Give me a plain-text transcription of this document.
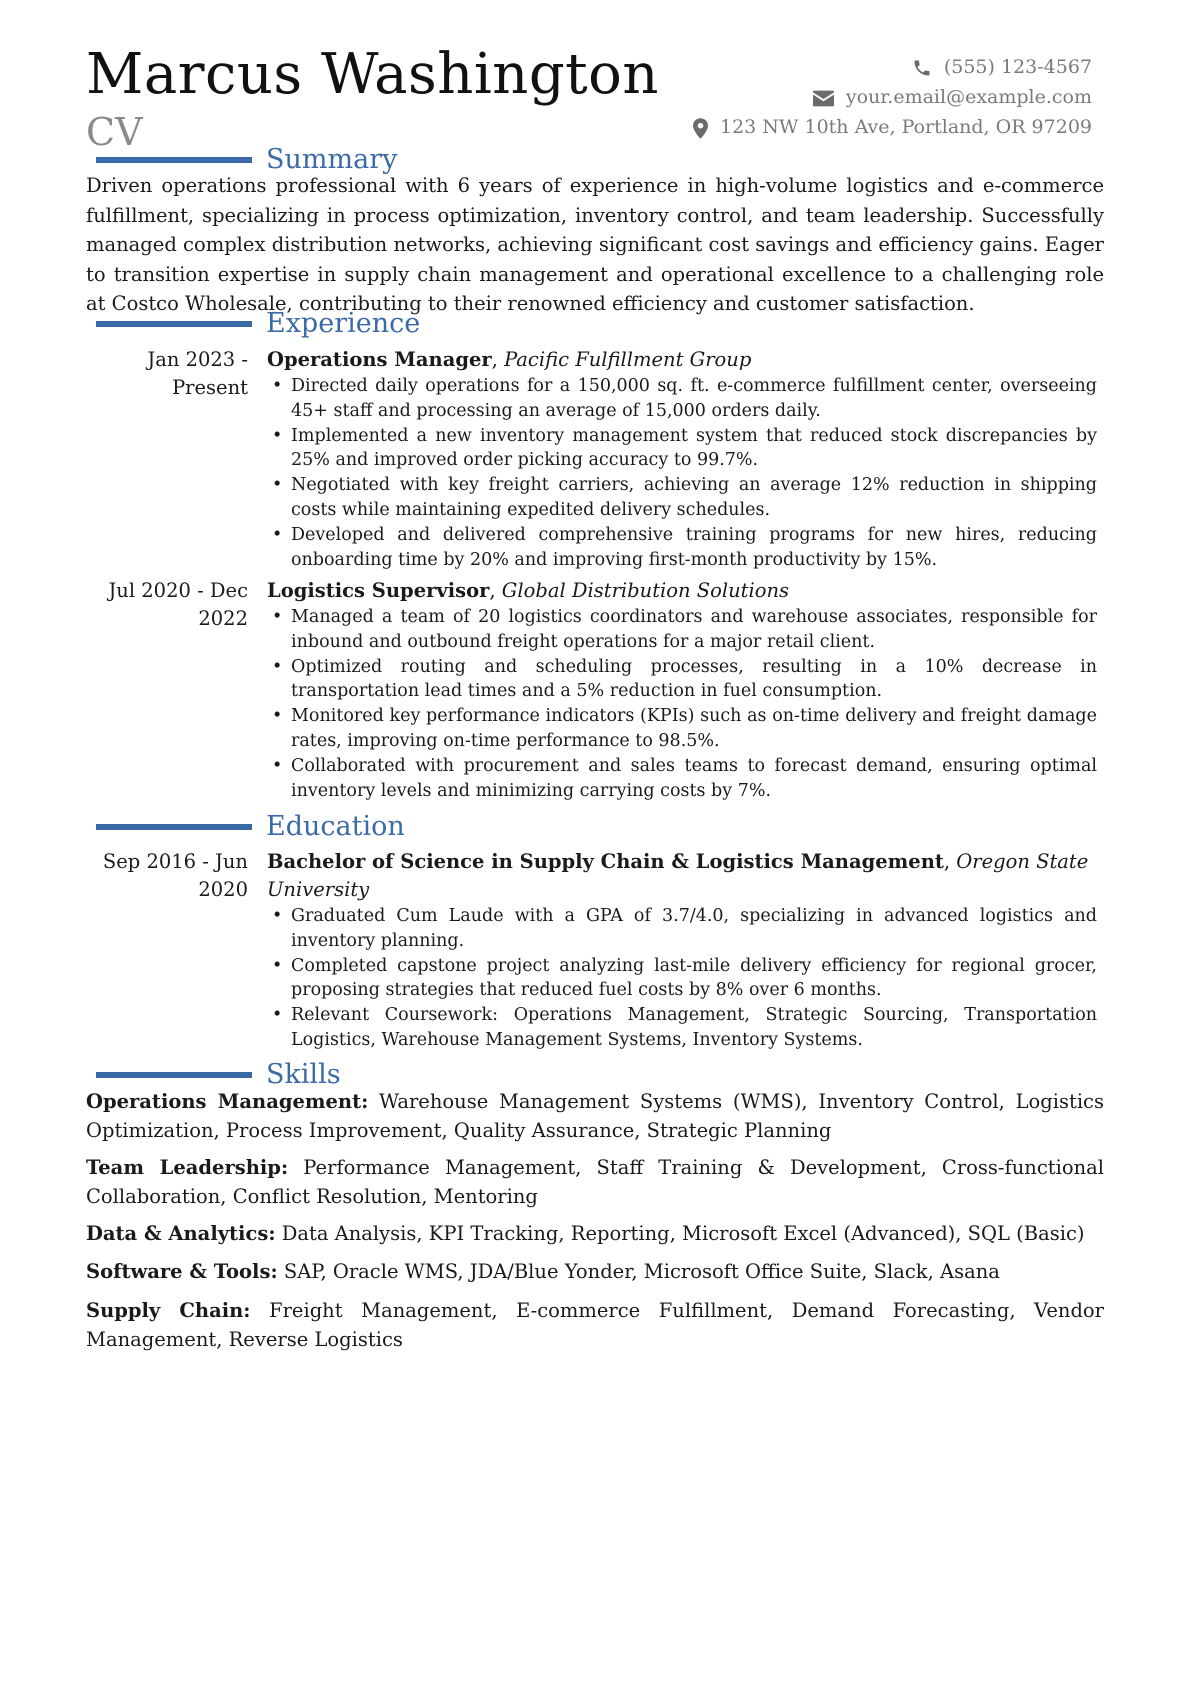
Marcus Washington
CV
(555) 123-4567
your.email@example.com
123 NW 10th Ave, Portland, OR 97209
Summary
Driven operations professional with 6 years of experience in high-volume logistics and e-commerce fulfillment, specializing in process optimization, inventory control, and team leadership. Successfully managed complex distribution networks, achieving significant cost savings and efficiency gains. Eager to transition expertise in supply chain management and operational excellence to a challenging role at Costco Wholesale, contributing to their renowned efficiency and customer satisfaction.
Experience
Jan 2023 - Present
Operations Manager, Pacific Fulfillment Group
• Directed daily operations for a 150,000 sq. ft. e-commerce fulfillment center, overseeing 45+ staff and processing an average of 15,000 orders daily.
• Implemented a new inventory management system that reduced stock discrepancies by 25% and improved order picking accuracy to 99.7%.
• Negotiated with key freight carriers, achieving an average 12% reduction in shipping costs while maintaining expedited delivery schedules.
• Developed and delivered comprehensive training programs for new hires, reducing onboarding time by 20% and improving first-month productivity by 15%.
Jul 2020 - Dec 2022
Logistics Supervisor, Global Distribution Solutions
• Managed a team of 20 logistics coordinators and warehouse associates, responsible for inbound and outbound freight operations for a major retail client.
• Optimized routing and scheduling processes, resulting in a 10% decrease in transportation lead times and a 5% reduction in fuel consumption.
• Monitored key performance indicators (KPIs) such as on-time delivery and freight damage rates, improving on-time performance to 98.5%.
• Collaborated with procurement and sales teams to forecast demand, ensuring optimal inventory levels and minimizing carrying costs by 7%.
Education
Sep 2016 - Jun 2020
Bachelor of Science in Supply Chain & Logistics Management, Oregon State University
• Graduated Cum Laude with a GPA of 3.7/4.0, specializing in advanced logistics and inventory planning.
• Completed capstone project analyzing last-mile delivery efficiency for regional grocer, proposing strategies that reduced fuel costs by 8% over 6 months.
• Relevant Coursework: Operations Management, Strategic Sourcing, Transportation Logistics, Warehouse Management Systems, Inventory Systems.
Skills
Operations Management: Warehouse Management Systems (WMS), Inventory Control, Logistics Optimization, Process Improvement, Quality Assurance, Strategic Planning
Team Leadership: Performance Management, Staff Training & Development, Cross-functional Collaboration, Conflict Resolution, Mentoring
Data & Analytics: Data Analysis, KPI Tracking, Reporting, Microsoft Excel (Advanced), SQL (Basic)
Software & Tools: SAP, Oracle WMS, JDA/Blue Yonder, Microsoft Office Suite, Slack, Asana
Supply Chain: Freight Management, E-commerce Fulfillment, Demand Forecasting, Vendor Management, Reverse Logistics
